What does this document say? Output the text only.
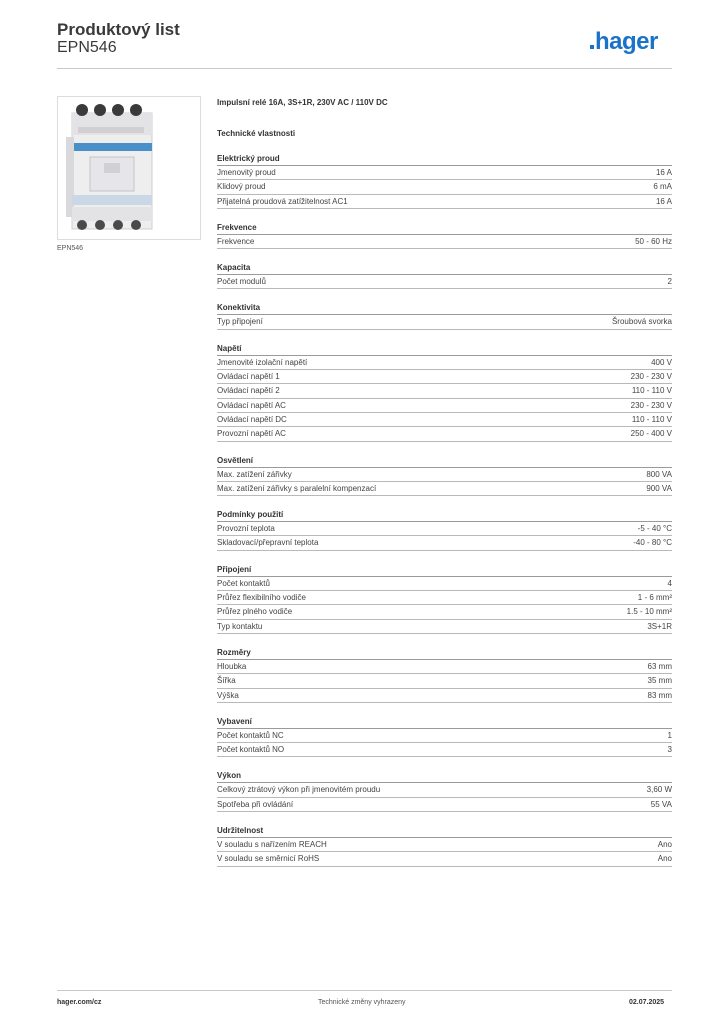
Produktový list
EPN546	hager
EPN546
Impulsní relé 16A, 3S+1R, 230V AC / 110V DC
Technické vlastnosti
Elektrický proud
Jmenovitý proud	16 A
Klidový proud	6 mA
Přijatelná proudová zatížitelnost AC1	16 A
Frekvence
Frekvence	50 - 60 Hz
Kapacita
Počet modulů	2
Konektivita
Typ připojení	Šroubová svorka
Napětí
Jmenovité izolační napětí	400 V
Ovládací napětí 1	230 - 230 V
Ovládací napětí 2	110 - 110 V
Ovládací napětí AC	230 - 230 V
Ovládací napětí DC	110 - 110 V
Provozní napětí AC	250 - 400 V
Osvětlení
Max. zatížení zářivky	800 VA
Max. zatížení zářivky s paralelní kompenzací	900 VA
Podmínky použití
Provozní teplota	-5 - 40 °C
Skladovací/přepravní teplota	-40 - 80 °C
Připojení
Počet kontaktů	4
Průřez flexibilního vodiče	1 - 6 mm²
Průřez plného vodiče	1.5 - 10 mm²
Typ kontaktu	3S+1R
Rozměry
Hloubka	63 mm
Šířka	35 mm
Výška	83 mm
Vybavení
Počet kontaktů NC	1
Počet kontaktů NO	3
Výkon
Celkový ztrátový výkon při jmenovitém proudu	3,60 W
Spotřeba při ovládání	55 VA
Udržitelnost
V souladu s nařízením REACH	Ano
V souladu se směrnicí RoHS	Ano
hager.com/cz	Technické změny vyhrazeny	02.07.2025
